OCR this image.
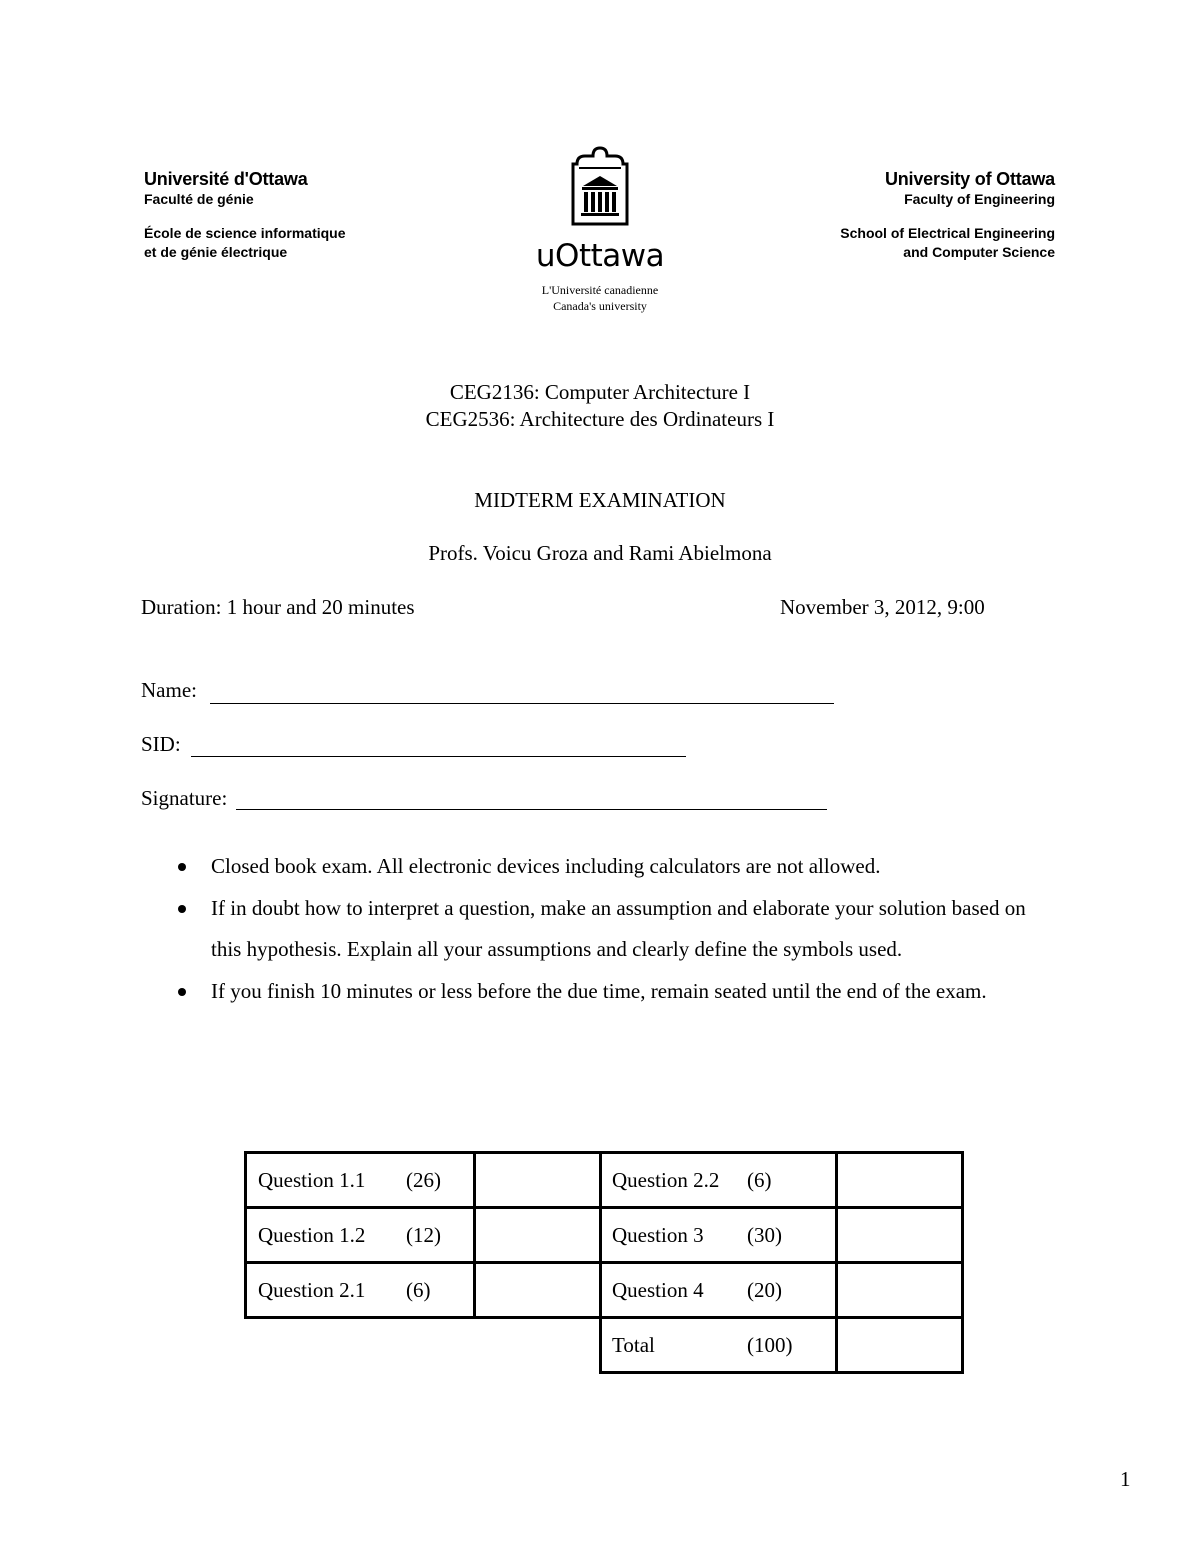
Université d'Ottawa
Faculté de génie
École de science informatique
et de génie électrique	uOttawa
L'Université canadienne
Canada's university
University of Ottawa
Faculty of Engineering
School of Electrical Engineering
and Computer Science
CEG2136: Computer Architecture I
CEG2536: Architecture des Ordinateurs I
MIDTERM EXAMINATION
Profs. Voicu Groza and Rami Abielmona
Duration: 1 hour and 20 minutes	November 3, 2012, 9:00
Name:
SID:
Signature:
Closed book exam. All electronic devices including calculators are not allowed.
If in doubt how to interpret a question, make an assumption and elaborate your solution based on this hypothesis. Explain all your assumptions and clearly define the symbols used.
If you finish 10 minutes or less before the due time, remain seated until the end of the exam.
Question 1.1 (26)		Question 2.2 (6)	
Question 1.2 (12)		Question 3 (30)	
Question 2.1 (6)		Question 4 (20)	
		Total (100)	
1
